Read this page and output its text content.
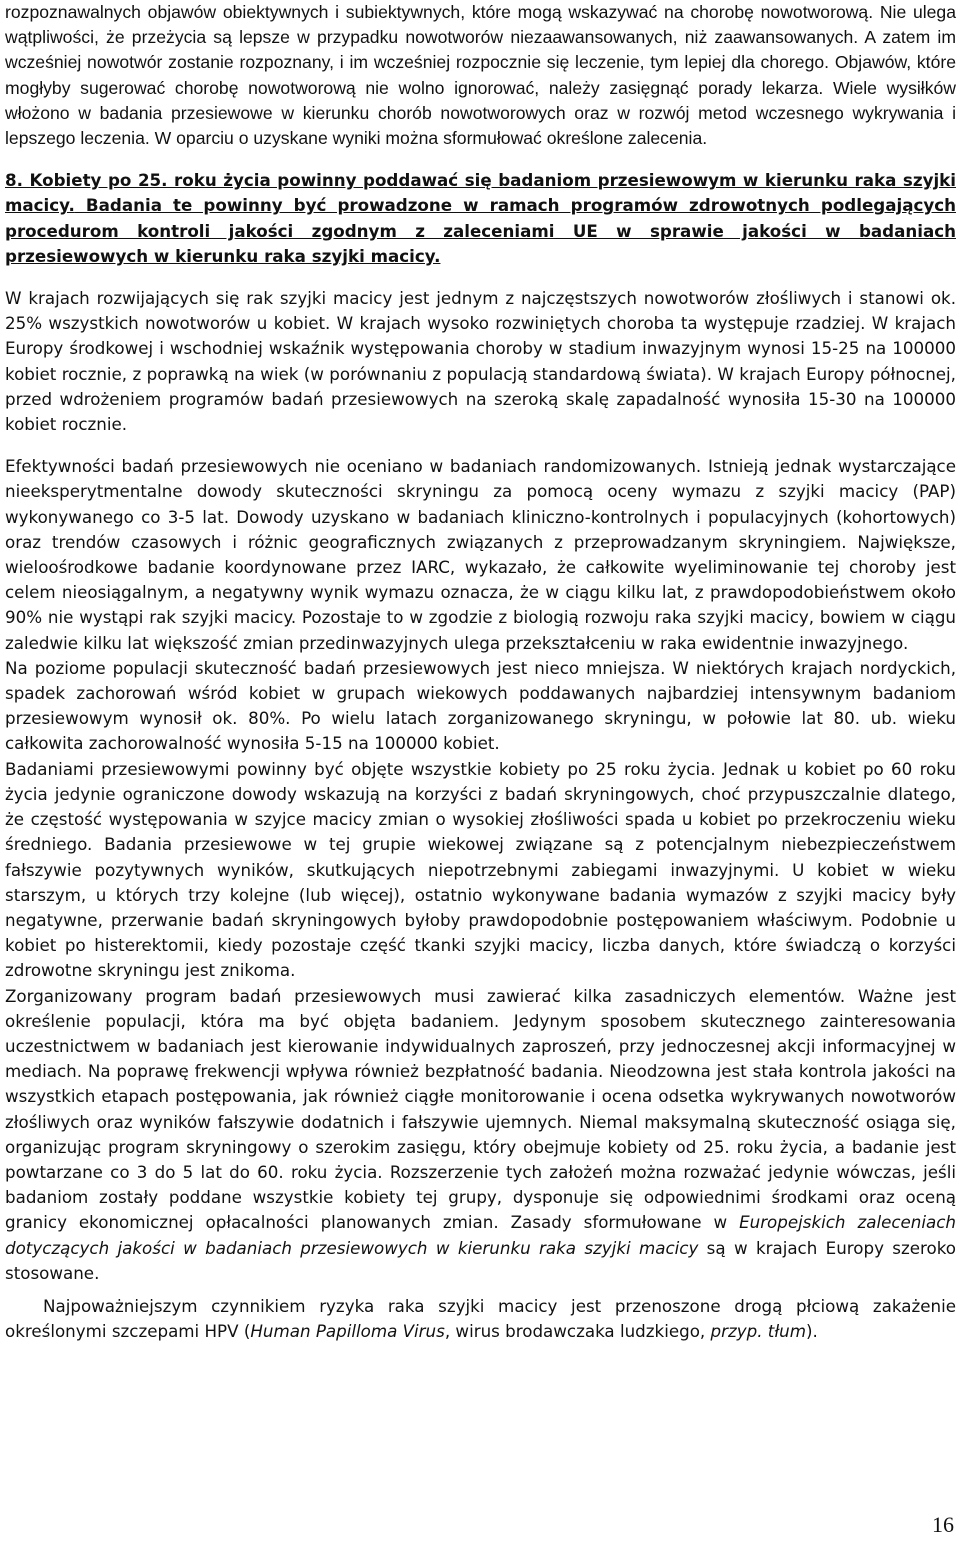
rozpoznawalnych objawów obiektywnych i subiektywnych, które mogą wskazywać na chorobę nowotworową. Nie ulega wątpliwości, że przeżycia są lepsze w przypadku nowotworów niezaawansowanych, niż zaawansowanych. A zatem im wcześniej nowotwór zostanie rozpoznany, i im wcześniej rozpocznie się leczenie, tym lepiej dla chorego. Objawów, które mogłyby sugerować chorobę nowotworową nie wolno ignorować, należy zasięgnąć porady lekarza. Wiele wysiłków włożono w badania przesiewowe w kierunku chorób nowotworowych oraz w rozwój metod wczesnego wykrywania i lepszego leczenia. W oparciu o uzyskane wyniki można sformułować określone zalecenia.

8. Kobiety po 25. roku życia powinny poddawać się badaniom przesiewowym w kierunku raka szyjki macicy. Badania te powinny być prowadzone w ramach programów zdrowotnych podlegających procedurom kontroli jakości zgodnym z zaleceniami UE w sprawie jakości w badaniach przesiewowych w kierunku raka szyjki macicy.

W krajach rozwijających się rak szyjki macicy jest jednym z najczęstszych nowotworów złośliwych i stanowi ok. 25% wszystkich nowotworów u kobiet. W krajach wysoko rozwiniętych choroba ta występuje rzadziej. W krajach Europy środkowej i wschodniej wskaźnik występowania choroby w stadium inwazyjnym wynosi 15-25 na 100000 kobiet rocznie, z poprawką na wiek (w porównaniu z populacją standardową świata). W krajach Europy północnej, przed wdrożeniem programów badań przesiewowych na szeroką skalę zapadalność wynosiła 15-30 na 100000 kobiet rocznie.

Efektywności badań przesiewowych nie oceniano w badaniach randomizowanych. Istnieją jednak wystarczające nieeksperytmentalne dowody skuteczności skryningu za pomocą oceny wymazu z szyjki macicy (PAP) wykonywanego co 3-5 lat. Dowody uzyskano w badaniach kliniczno-kontrolnych i populacyjnych (kohortowych) oraz trendów czasowych i różnic geograficznych związanych z przeprowadzanym skryningiem. Największe, wieloośrodkowe badanie koordynowane przez IARC, wykazało, że całkowite wyeliminowanie tej choroby jest celem nieosiągalnym, a negatywny wynik wymazu oznacza, że w ciągu kilku lat, z prawdopodobieństwem około 90% nie wystąpi rak szyjki macicy. Pozostaje to w zgodzie z biologią rozwoju raka szyjki macicy, bowiem w ciągu zaledwie kilku lat większość zmian przedinwazyjnych ulega przekształceniu w raka ewidentnie inwazyjnego.

Na poziome populacji skuteczność badań przesiewowych jest nieco mniejsza. W niektórych krajach nordyckich, spadek zachorowań wśród kobiet w grupach wiekowych poddawanych najbardziej intensywnym badaniom przesiewowym wynosił ok. 80%. Po wielu latach zorganizowanego skryningu, w połowie lat 80. ub. wieku całkowita zachorowalność wynosiła 5-15 na 100000 kobiet.

Badaniami przesiewowymi powinny być objęte wszystkie kobiety po 25 roku życia. Jednak u kobiet po 60 roku życia jedynie ograniczone dowody wskazują na korzyści z badań skryningowych, choć przypuszczalnie dlatego, że częstość występowania w szyjce macicy zmian o wysokiej złośliwości spada u kobiet po przekroczeniu wieku średniego. Badania przesiewowe w tej grupie wiekowej związane są z potencjalnym niebezpieczeństwem fałszywie pozytywnych wyników, skutkujących niepotrzebnymi zabiegami inwazyjnymi. U kobiet w wieku starszym, u których trzy kolejne (lub więcej), ostatnio wykonywane badania wymazów z szyjki macicy były negatywne, przerwanie badań skryningowych byłoby prawdopodobnie postępowaniem właściwym. Podobnie u kobiet po histerektomii, kiedy pozostaje część tkanki szyjki macicy, liczba danych, które świadczą o korzyści zdrowotne skryningu jest znikoma.

Zorganizowany program badań przesiewowych musi zawierać kilka zasadniczych elementów. Ważne jest określenie populacji, która ma być objęta badaniem. Jedynym sposobem skutecznego zainteresowania uczestnictwem w badaniach jest kierowanie indywidualnych zaproszeń, przy jednoczesnej akcji informacyjnej w mediach. Na poprawę frekwencji wpływa również bezpłatność badania. Nieodzowna jest stała kontrola jakości na wszystkich etapach postępowania, jak również ciągłe monitorowanie i ocena odsetka wykrywanych nowotworów złośliwych oraz wyników fałszywie dodatnich i fałszywie ujemnych. Niemal maksymalną skuteczność osiąga się, organizując program skryningowy o szerokim zasięgu, który obejmuje kobiety od 25. roku życia, a badanie jest powtarzane co 3 do 5 lat do 60. roku życia. Rozszerzenie tych założeń można rozważać jedynie wówczas, jeśli badaniom zostały poddane wszystkie kobiety tej grupy, dysponuje się odpowiednimi środkami oraz oceną granicy ekonomicznej opłacalności planowanych zmian. Zasady sformułowane w Europejskich zaleceniach dotyczących jakości w badaniach przesiewowych w kierunku raka szyjki macicy są w krajach Europy szeroko stosowane.

Najpoważniejszym czynnikiem ryzyka raka szyjki macicy jest przenoszone drogą płciową zakażenie określonymi szczepami HPV (Human Papilloma Virus, wirus brodawczaka ludzkiego, przyp. tłum).

16
